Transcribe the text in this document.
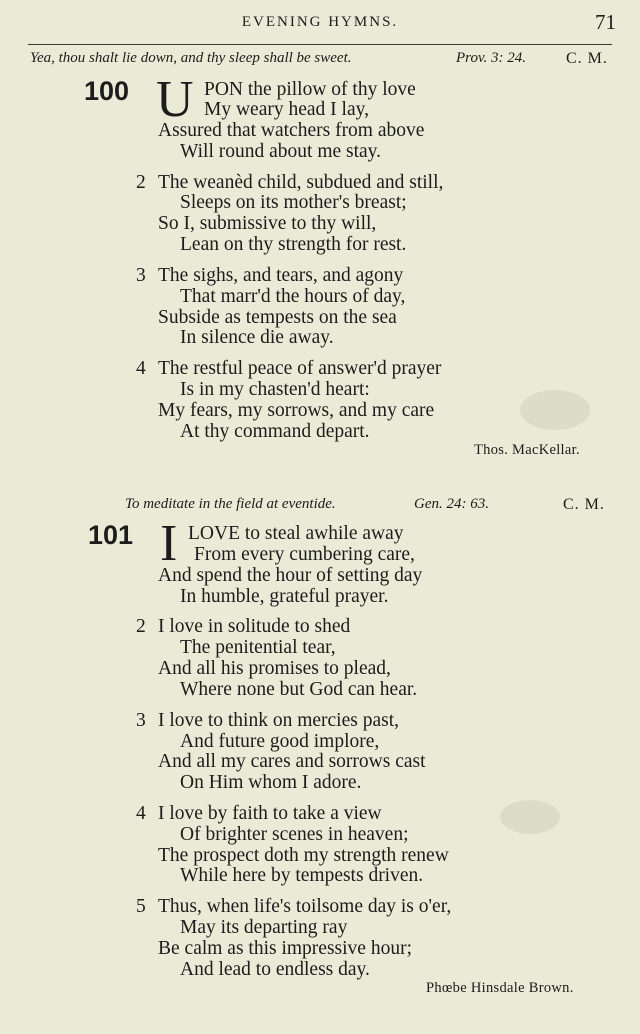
EVENING HYMNS.	71
Yea, thou shalt lie down, and thy sleep shall be sweet.	Prov. 3: 24.	C. M.
100 U PON the pillow of thy love
My weary head I lay,
Assured that watchers from above
Will round about me stay.
2 The weanèd child, subdued and still,
Sleeps on its mother's breast;
So I, submissive to thy will,
Lean on thy strength for rest.
3 The sighs, and tears, and agony
That marr'd the hours of day,
Subside as tempests on the sea
In silence die away.
4 The restful peace of answer'd prayer
Is in my chasten'd heart:
My fears, my sorrows, and my care
At thy command depart.
Thos. MacKellar.
To meditate in the field at eventide.	Gen. 24: 63.	C. M.
101 I LOVE to steal awhile away
From every cumbering care,
And spend the hour of setting day
In humble, grateful prayer.
2 I love in solitude to shed
The penitential tear,
And all his promises to plead,
Where none but God can hear.
3 I love to think on mercies past,
And future good implore,
And all my cares and sorrows cast
On Him whom I adore.
4 I love by faith to take a view
Of brighter scenes in heaven;
The prospect doth my strength renew
While here by tempests driven.
5 Thus, when life's toilsome day is o'er,
May its departing ray
Be calm as this impressive hour;
And lead to endless day.
Phœbe Hinsdale Brown.
